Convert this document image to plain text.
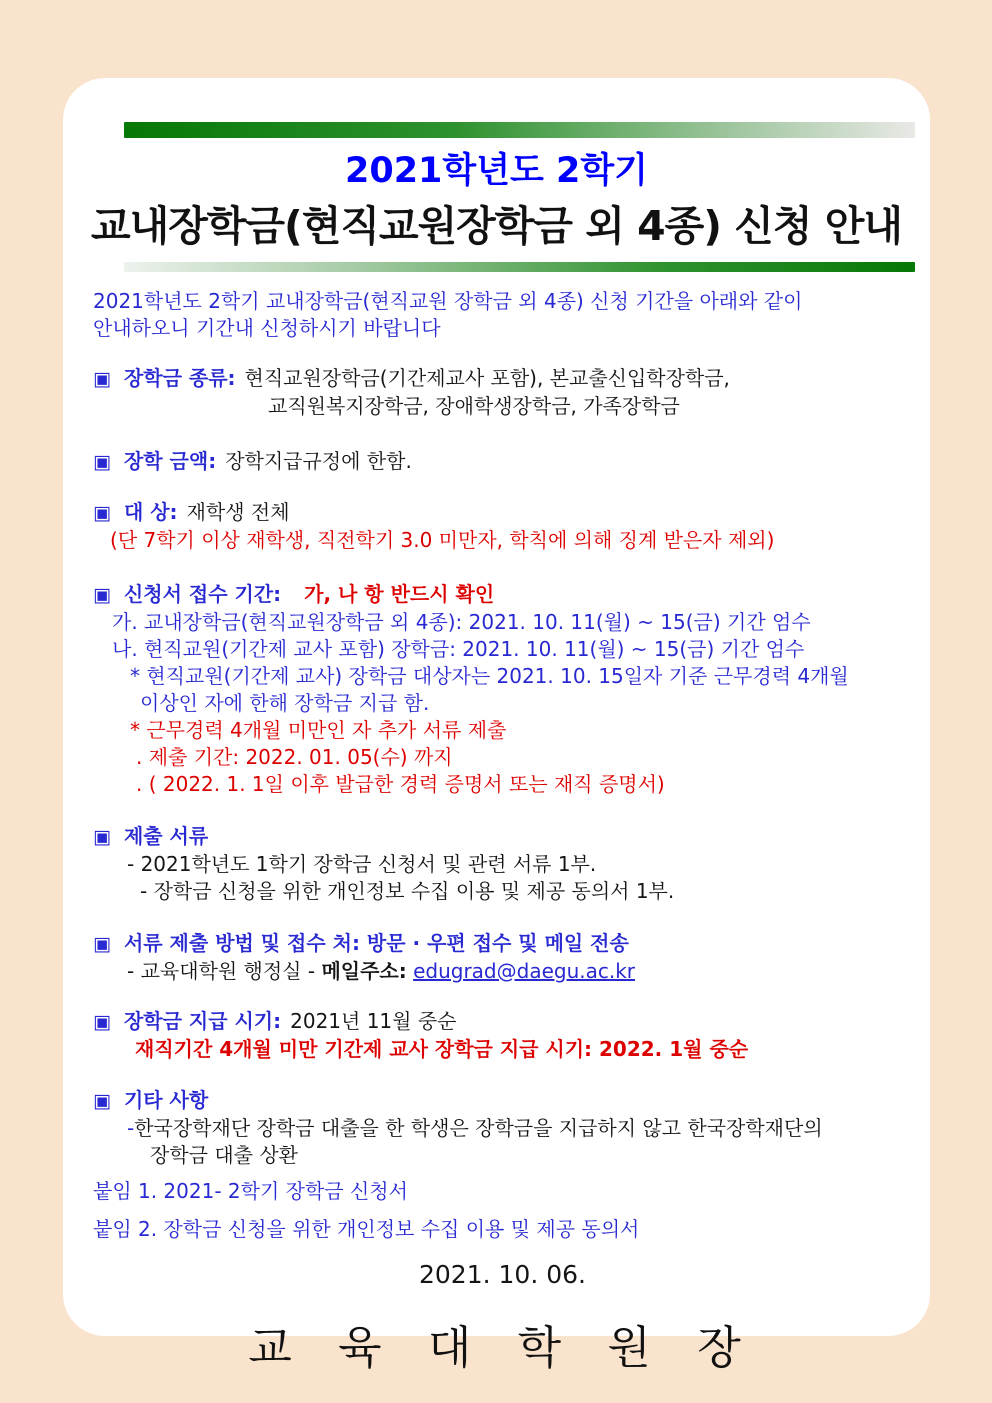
2021학년도 2학기
교내장학금(현직교원장학금 외 4종) 신청 안내
2021학년도 2학기 교내장학금(현직교원 장학금 외 4종) 신청 기간을 아래와 같이
안내하오니 기간내 신청하시기 바랍니다
▣ 장학금 종류: 현직교원장학금(기간제교사 포함), 본교출신입학장학금,
교직원복지장학금, 장애학생장학금, 가족장학금
▣ 장학 금액: 장학지급규정에 한함.
▣ 대 상: 재학생 전체
(단 7학기 이상 재학생, 직전학기 3.0 미만자, 학칙에 의해 징계 받은자 제외)
▣ 신청서 접수 기간: 가, 나 항 반드시 확인
가. 교내장학금(현직교원장학금 외 4종): 2021. 10. 11(월) ~ 15(금) 기간 엄수
나. 현직교원(기간제 교사 포함) 장학금: 2021. 10. 11(월) ~ 15(금) 기간 엄수
* 현직교원(기간제 교사) 장학금 대상자는 2021. 10. 15일자 기준 근무경력 4개월
이상인 자에 한해 장학금 지급 함.
* 근무경력 4개월 미만인 자 추가 서류 제출
. 제출 기간: 2022. 01. 05(수) 까지
. ( 2022. 1. 1일 이후 발급한 경력 증명서 또는 재직 증명서)
▣ 제출 서류
- 2021학년도 1학기 장학금 신청서 및 관련 서류 1부.
- 장학금 신청을 위한 개인정보 수집 이용 및 제공 동의서 1부.
▣ 서류 제출 방법 및 접수 처: 방문 · 우편 접수 및 메일 전송
- 교육대학원 행정실 - 메일주소: edugrad@daegu.ac.kr
▣ 장학금 지급 시기: 2021년 11월 중순
재직기간 4개월 미만 기간제 교사 장학금 지급 시기: 2022. 1월 중순
▣ 기타 사항
-한국장학재단 장학금 대출을 한 학생은 장학금을 지급하지 않고 한국장학재단의
장학금 대출 상환
붙임 1. 2021- 2학기 장학금 신청서
붙임 2. 장학금 신청을 위한 개인정보 수집 이용 및 제공 동의서
2021. 10. 06.
교 육 대 학 원 장
